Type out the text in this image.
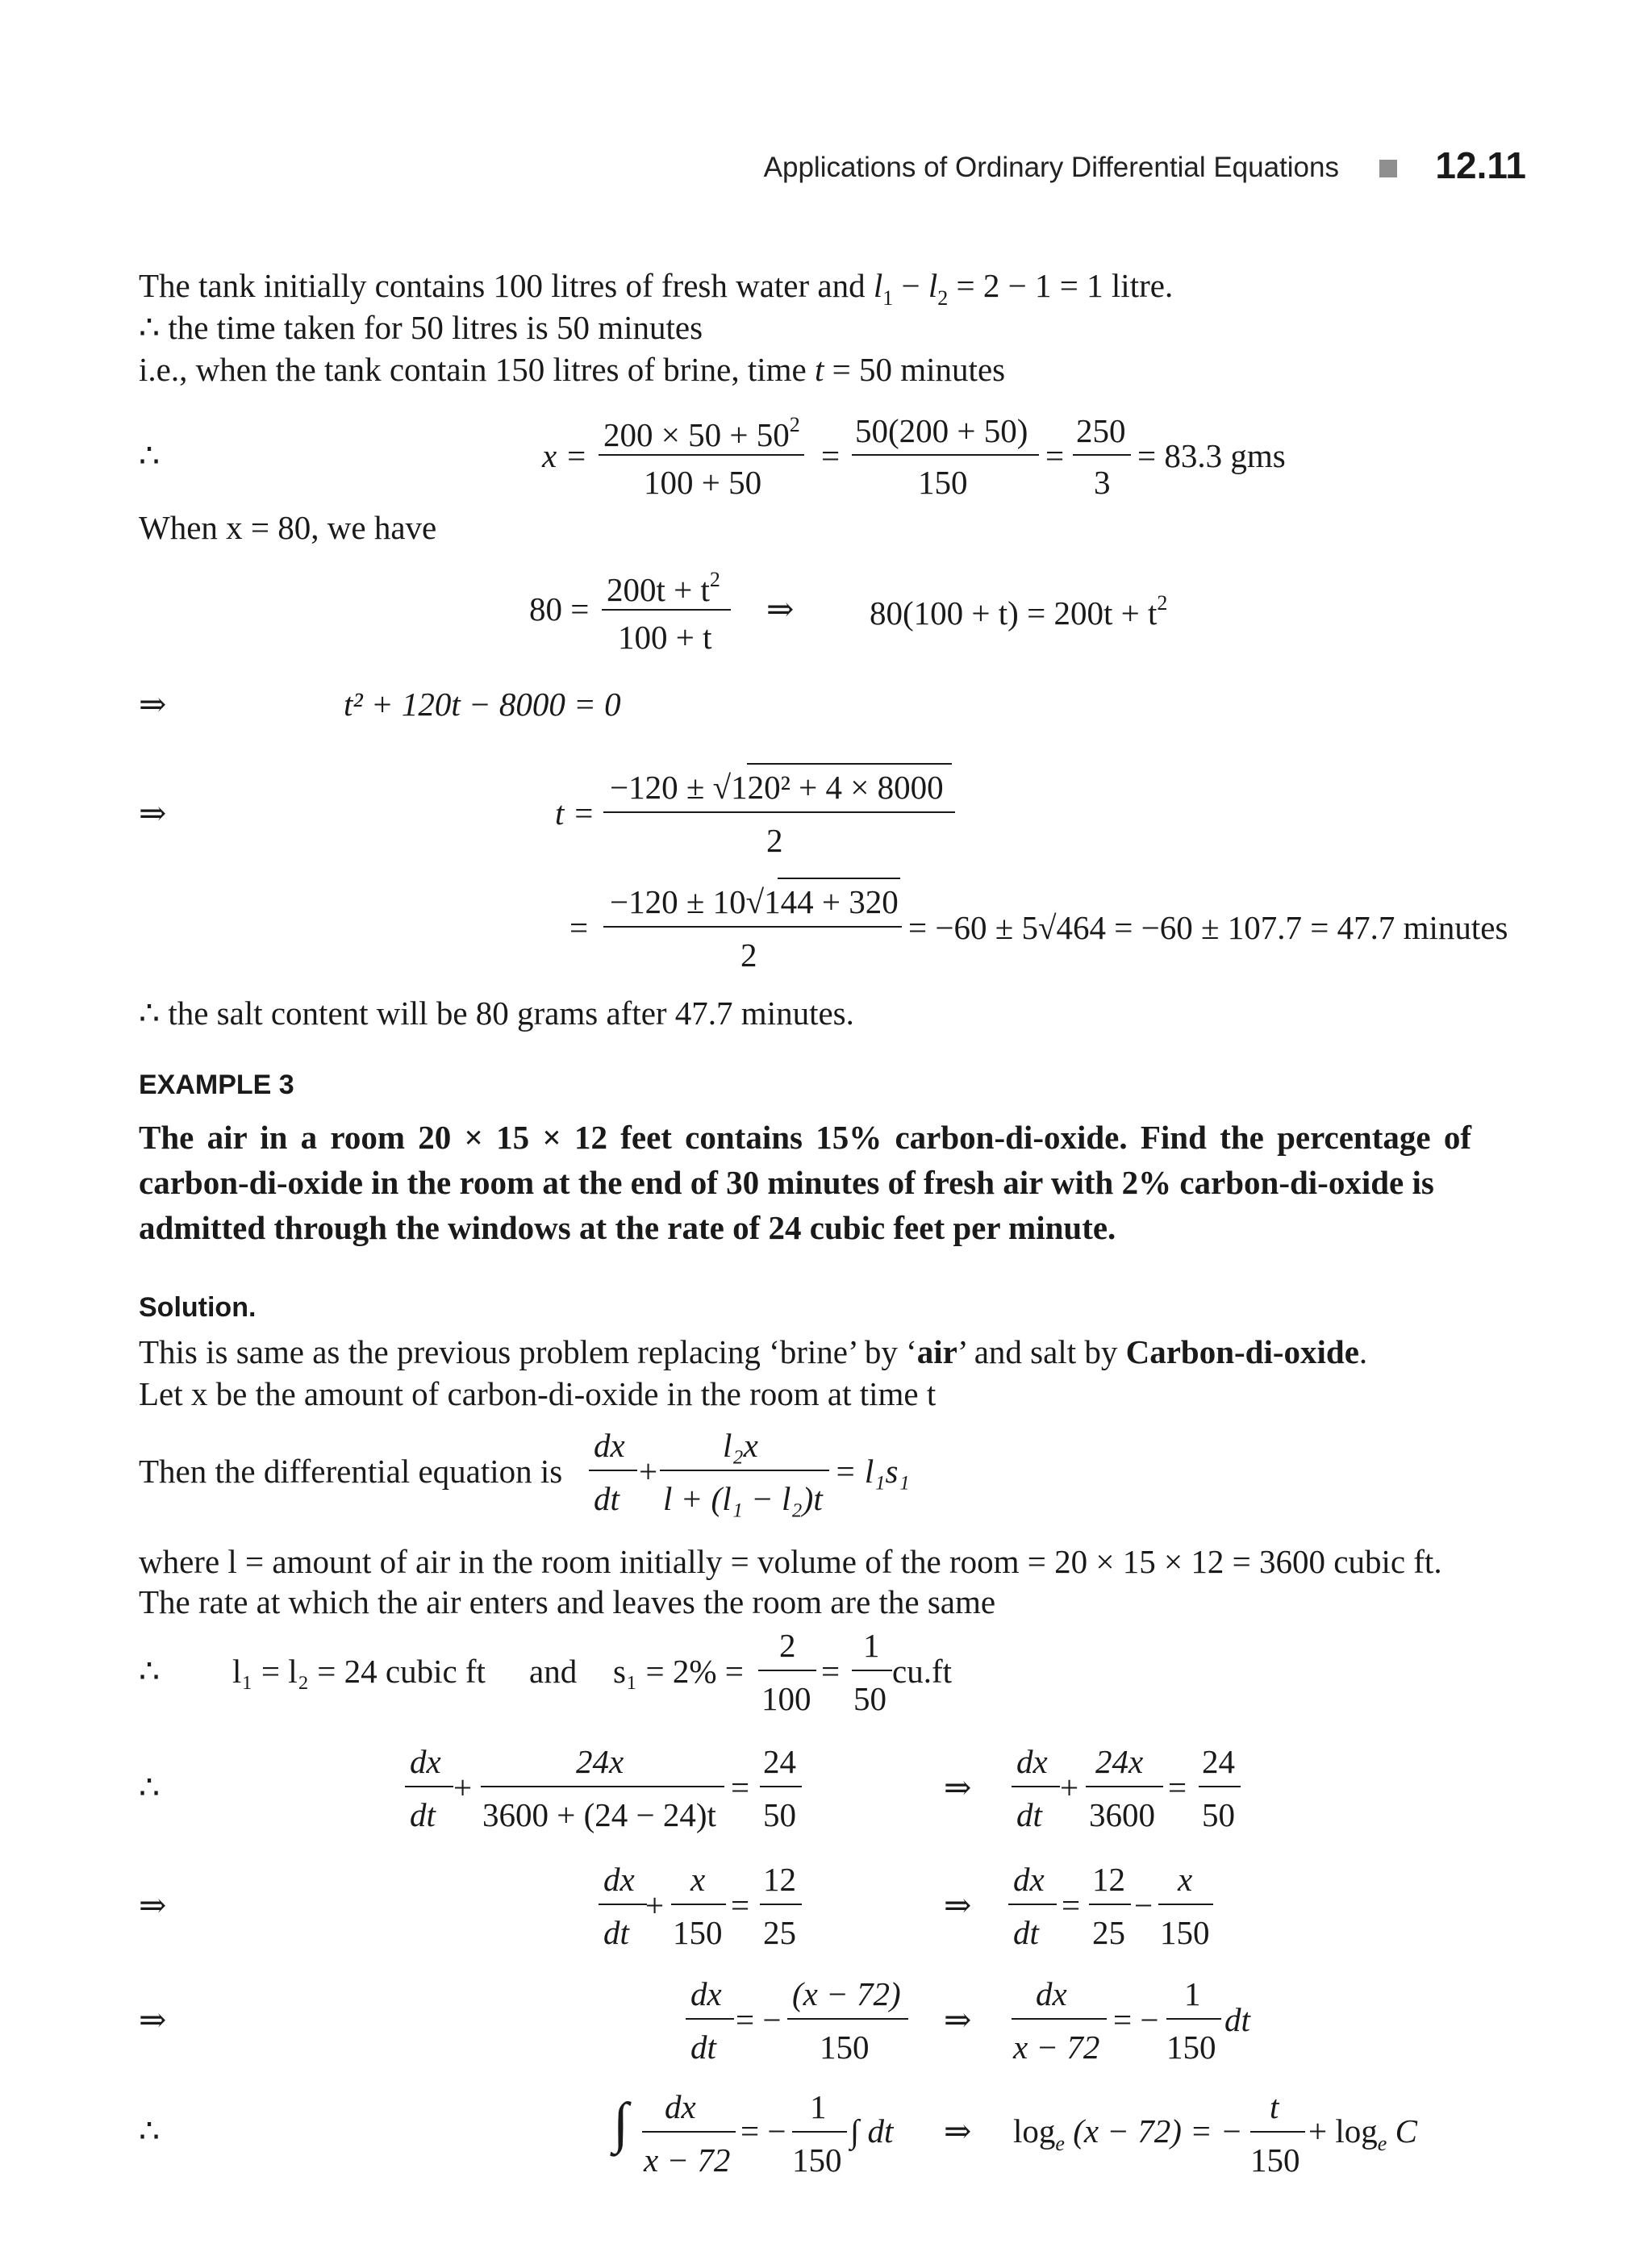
Applications of Ordinary Differential Equations	12.11
The tank initially contains 100 litres of fresh water and $l_1 - l_2 = 2 - 1 = 1$ litre.
∴ the time taken for 50 litres is 50 minutes
i.e., when the tank contain 150 litres of brine, time t = 50 minutes
∴	x =
$200 \times 50 + 50^2$
100 + 50
=
50(200 + 50)
150
=
250
3
= 83.3 gms
When x = 80, we have
80 =
$200t + t^2$
100 + t
⇒ $80(100 + t) = 200t + t^2$
⇒	t² + 120t − 8000 = 0
⇒	t =
−120 ± √120² + 4 × 8000
2
=
−120 ± 10√144 + 320
2
= −60 ± 5√464 = −60 ± 107.7 = 47.7 minutes
∴ the salt content will be 80 grams after 47.7 minutes.
EXAMPLE 3
The air in a room 20 × 15 × 12 feet contains 15% carbon-di-oxide. Find the percentage of
carbon-di-oxide in the room at the end of 30 minutes of fresh air with 2% carbon-di-oxide is
admitted through the windows at the rate of 24 cubic feet per minute.
Solution.
This is same as the previous problem replacing ‘brine’ by ‘air’ and salt by Carbon-di-oxide.
Let x be the amount of carbon-di-oxide in the room at time t
Then the differential equation is
dx
dt
+
l₂x
l + (l₁ − l₂)t
= l₁s₁
where l = amount of air in the room initially = volume of the room = 20 × 15 × 12 = 3600 cubic ft.
The rate at which the air enters and leaves the room are the same
∴ l₁ = l₂ = 24 cubic ft and s₁ = 2% =
2
100
=
1
50
cu.ft
∴
dx
dt
+
24x
3600 + (24 − 24)t
=
24
50
⇒
dx
dt
+
24x
3600
=
24
50
⇒
dx
dt
+
x
150
=
12
25
⇒
dx
dt
=
12
25
−
x
150
⇒
dx
dt
= −
(x − 72)
150
⇒
dx
x − 72
= −
1
150
dt
∴	∫ dx
x − 72
= −
1
150
∫ dt ⇒ $\log_e (x - 72)$ = −
t
150
+ $\log_e C$
